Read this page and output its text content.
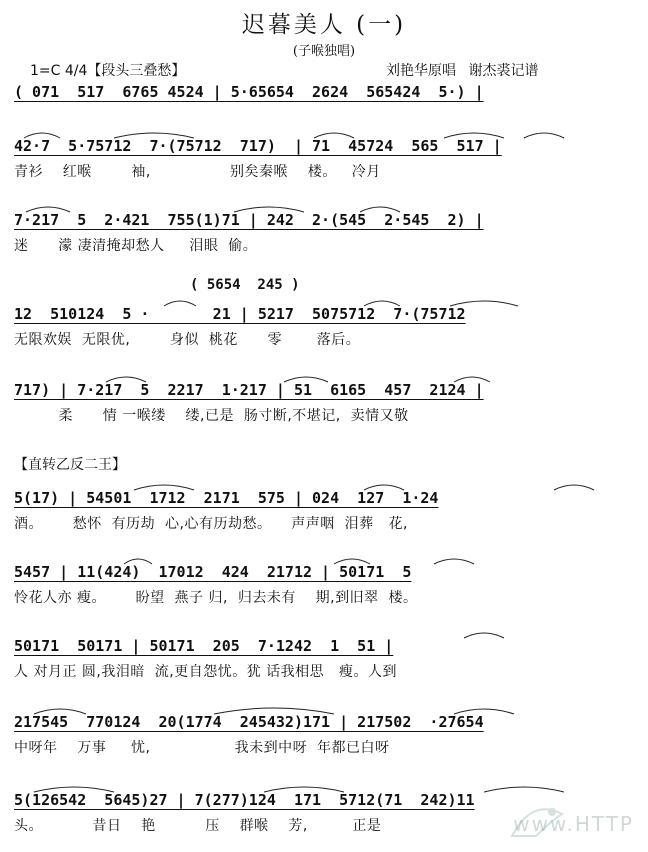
迟暮美人 (一)
(子喉独唱)
1=C 4/4【段头三叠愁】	刘艳华原唱 谢杰裘记谱
( 5654  245 )
【直转乙反二王】
( 071  517  6765 4524 | 5·65654  2624  565424  5·) |
42·7  5·75712  7·(75712  717)  | 71  45724  565  517 |
青衫    红喉        袖,                别矣秦喉    楼。   冷月
7·217  5  2·421  755(1)71 | 242  2·(545  2·545  2) |
迷      濛 凄清掩却愁人     泪眼  偷。
12  510124  5 ·       21 | 5217  5075712  7·(75712
无限欢娱  无限优,        身似  桃花      零       落后。
717) | 7·217  5  2217  1·217 | 51  6165  457  2124 |
柔      情 一喉缕    缕,已是  肠寸断,不堪记,  卖情又敬
5(17) | 54501  1712  2171  575 | 024  127  1·24
酒。      愁怀  有历劫  心,心有历劫愁。    声声咽  泪葬   花,
5457 | 11(424)  17012  424  21712 | 50171  5
怜花人亦 瘦。      盼望  燕子 归,  归去未有    期,到旧翠  楼。
50171  50171 | 50171  205  7·1242  1  51 |
人 对月正 圆,我泪暗  流,更自怨忧。犹 话我相思   瘦。人到
217545  770124  20(1774  245432)171 | 217502  ·27654
中呀年    万事     忧,                 我未到中呀  年都已白呀
5(126542  5645)27 | 7(277)124  171  5712(71  242)11
头。          昔日    艳          压    群喉    芳,         正是	www.HTTP
